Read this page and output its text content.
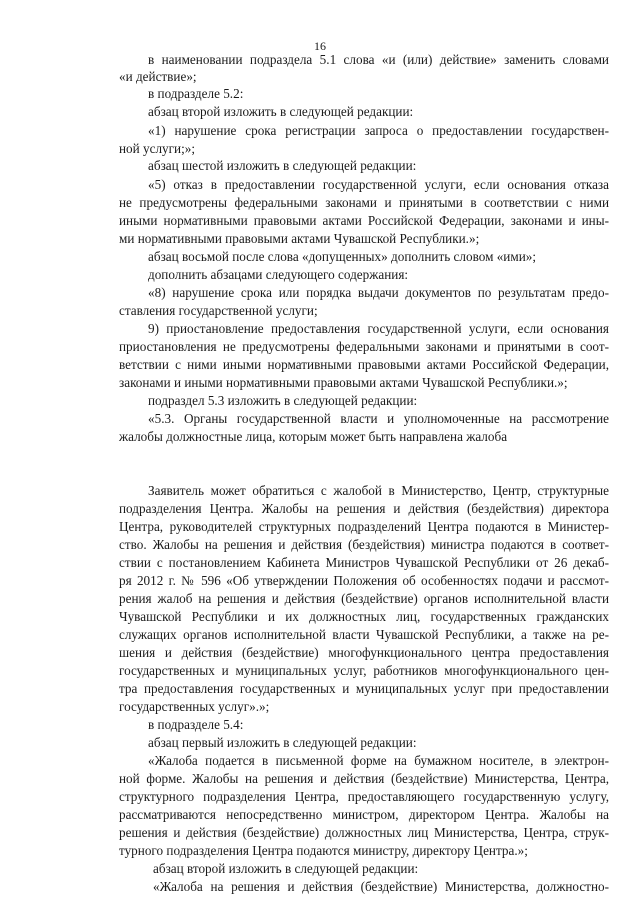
16
в наименовании подраздела 5.1 слова «и (или) действие» заменить словами
«и действие»;
в подразделе 5.2:
абзац второй изложить в следующей редакции:
«1) нарушение срока регистрации запроса о предоставлении государствен-
ной услуги;»;
абзац шестой изложить в следующей редакции:
«5) отказ в предоставлении государственной услуги, если основания отказа
не предусмотрены федеральными законами и принятыми в соответствии с ними
иными нормативными правовыми актами Российской Федерации, законами и ины-
ми нормативными правовыми актами Чувашской Республики.»;
абзац восьмой после слова «допущенных» дополнить словом «ими»;
дополнить абзацами следующего содержания:
«8) нарушение срока или порядка выдачи документов по результатам предо-
ставления государственной услуги;
9) приостановление предоставления государственной услуги, если основания
приостановления не предусмотрены федеральными законами и принятыми в соот-
ветствии с ними иными нормативными правовыми актами Российской Федерации,
законами и иными нормативными правовыми актами Чувашской Республики.»;
подраздел 5.3 изложить в следующей редакции:
«5.3. Органы государственной власти и уполномоченные на рассмотрение
жалобы должностные лица, которым может быть направлена жалоба
Заявитель может обратиться с жалобой в Министерство, Центр, структурные
подразделения Центра. Жалобы на решения и действия (бездействия) директора
Центра, руководителей структурных подразделений Центра подаются в Министер-
ство. Жалобы на решения и действия (бездействия) министра подаются в соответ-
ствии с постановлением Кабинета Министров Чувашской Республики от 26 декаб-
ря 2012 г. № 596 «Об утверждении Положения об особенностях подачи и рассмот-
рения жалоб на решения и действия (бездействие) органов исполнительной власти
Чувашской Республики и их должностных лиц, государственных гражданских
служащих органов исполнительной власти Чувашской Республики, а также на ре-
шения и действия (бездействие) многофункционального центра предоставления
государственных и муниципальных услуг, работников многофункционального цен-
тра предоставления государственных и муниципальных услуг при предоставлении
государственных услуг».»;
в подразделе 5.4:
абзац первый изложить в следующей редакции:
«Жалоба подается в письменной форме на бумажном носителе, в электрон-
ной форме. Жалобы на решения и действия (бездействие) Министерства, Центра,
структурного подразделения Центра, предоставляющего государственную услугу,
рассматриваются непосредственно министром, директором Центра. Жалобы на
решения и действия (бездействие) должностных лиц Министерства, Центра, струк-
турного подразделения Центра подаются министру, директору Центра.»;
абзац второй изложить в следующей редакции:
«Жалоба на решения и действия (бездействие) Министерства, должностно-
